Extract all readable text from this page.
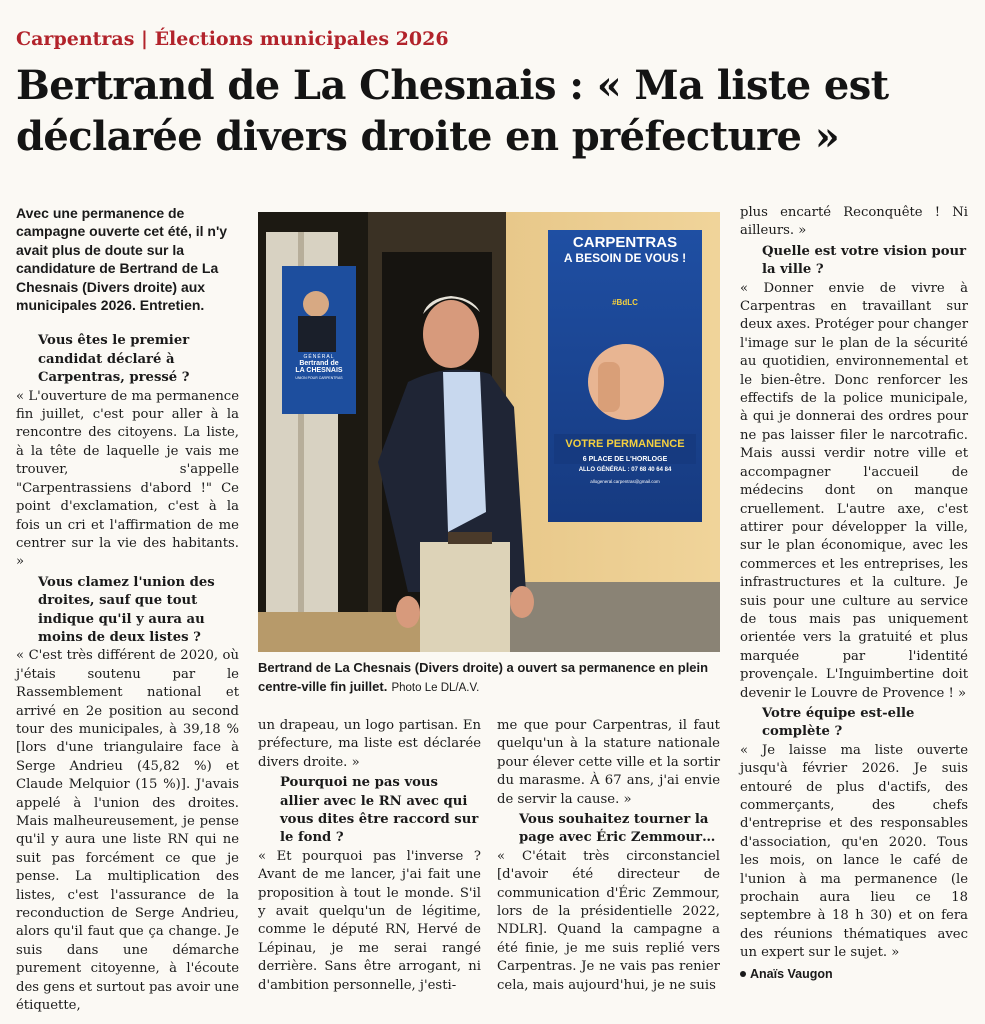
Carpentras | Élections municipales 2026
Bertrand de La Chesnais : « Ma liste est déclarée divers droite en préfecture »

Avec une permanence de campagne ouverte cet été, il n'y avait plus de doute sur la candidature de Bertrand de La Chesnais (Divers droite) aux municipales 2026. Entretien.

Vous êtes le premier candidat déclaré à Carpentras, pressé ?

« L'ouverture de ma permanence fin juillet, c'est pour aller à la rencontre des citoyens. La liste, à la tête de laquelle je vais me trouver, s'appelle "Carpentrassiens d'abord !" Ce point d'exclamation, c'est à la fois un cri et l'affirmation de me centrer sur la vie des habitants. »

Vous clamez l'union des droites, sauf que tout indique qu'il y aura au moins de deux listes ?

« C'est très différent de 2020, où j'étais soutenu par le Rassemblement national et arrivé en 2e position au second tour des municipales, à 39,18 % [lors d'une triangulaire face à Serge Andrieu (45,82 %) et Claude Melquior (15 %)]. J'avais appelé à l'union des droites. Mais malheureusement, je pense qu'il y aura une liste RN qui ne suit pas forcément ce que je pense. La multiplication des listes, c'est l'assurance de la reconduction de Serge Andrieu, alors qu'il faut que ça change. Je suis dans une démarche purement citoyenne, à l'écoute des gens et surtout pas avoir une étiquette,

GÉNÉRAL
Bertrand de
LA CHESNAIS
UNION POUR CARPENTRAS
CARPENTRAS
A BESOIN DE VOUS !
#BdLC
VOTRE PERMANENCE
6 PLACE DE L'HORLOGE
ALLO GÉNÉRAL : 07 68 40 64 84
allogeneral.carpentras@gmail.com
Bertrand de La Chesnais (Divers droite) a ouvert sa permanence en plein centre-ville fin juillet. Photo Le DL/A.V.

un drapeau, un logo partisan. En préfecture, ma liste est déclarée divers droite. »

Pourquoi ne pas vous allier avec le RN avec qui vous dites être raccord sur le fond ?

« Et pourquoi pas l'inverse ? Avant de me lancer, j'ai fait une proposition à tout le monde. S'il y avait quelqu'un de légitime, comme le député RN, Hervé de Lépinau, je me serai rangé derrière. Sans être arrogant, ni d'ambition personnelle, j'esti-

me que pour Carpentras, il faut quelqu'un à la stature nationale pour élever cette ville et la sortir du marasme. À 67 ans, j'ai envie de servir la cause. »

Vous souhaitez tourner la page avec Éric Zemmour…

« C'était très circonstanciel [d'avoir été directeur de communication d'Éric Zemmour, lors de la présidentielle 2022, NDLR]. Quand la campagne a été finie, je me suis replié vers Carpentras. Je ne vais pas renier cela, mais aujourd'hui, je ne suis

plus encarté Reconquête ! Ni ailleurs. »

Quelle est votre vision pour la ville ?

« Donner envie de vivre à Carpentras en travaillant sur deux axes. Protéger pour changer l'image sur le plan de la sécurité au quotidien, environnemental et le bien-être. Donc renforcer les effectifs de la police municipale, à qui je donnerai des ordres pour ne pas laisser filer le narcotrafic. Mais aussi verdir notre ville et accompagner l'accueil de médecins dont on manque cruellement. L'autre axe, c'est attirer pour développer la ville, sur le plan économique, avec les commerces et les entreprises, les infrastructures et la culture. Je suis pour une culture au service de tous mais pas uniquement orientée vers la gratuité et plus marquée par l'identité provençale. L'Inguimbertine doit devenir le Louvre de Provence ! »

Votre équipe est-elle complète ?

« Je laisse ma liste ouverte jusqu'à février 2026. Je suis entouré de plus d'actifs, des commerçants, des chefs d'entreprise et des responsables d'association, qu'en 2020. Tous les mois, on lance le café de l'union à ma permanence (le prochain aura lieu ce 18 septembre à 18 h 30) et on fera des réunions thématiques avec un expert sur le sujet. »

Anaïs Vaugon
